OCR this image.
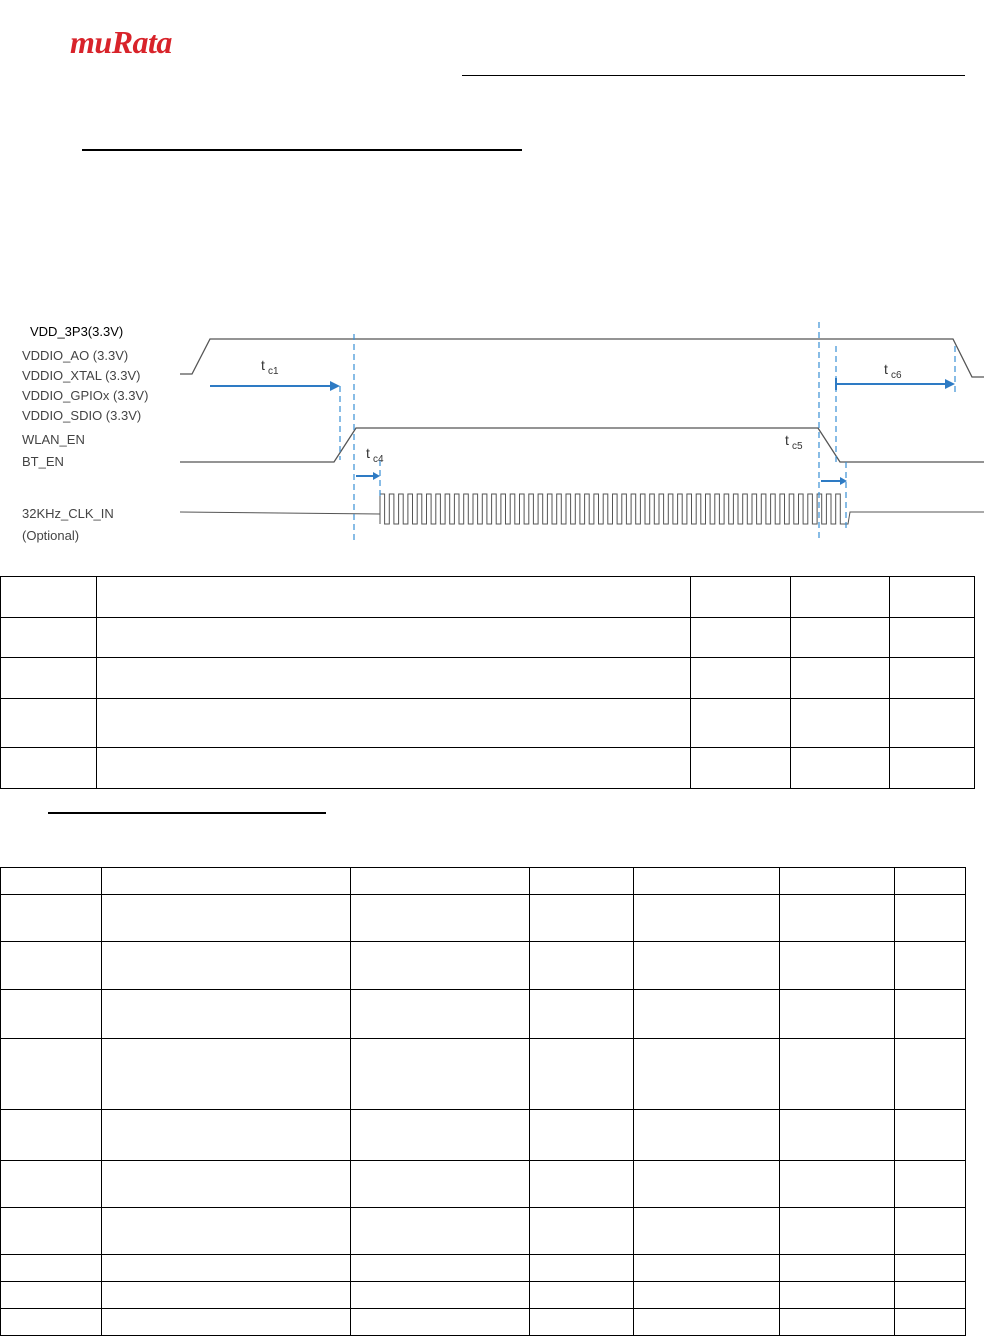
muRata
VDD_3P3(3.3V)
VDDIO_AO (3.3V)
VDDIO_XTAL (3.3V)
VDDIO_GPIOx (3.3V)
VDDIO_SDIO (3.3V)
WLAN_EN
BT_EN
32KHz_CLK_IN
(Optional)
t c1	t c6
t c4
t c5
